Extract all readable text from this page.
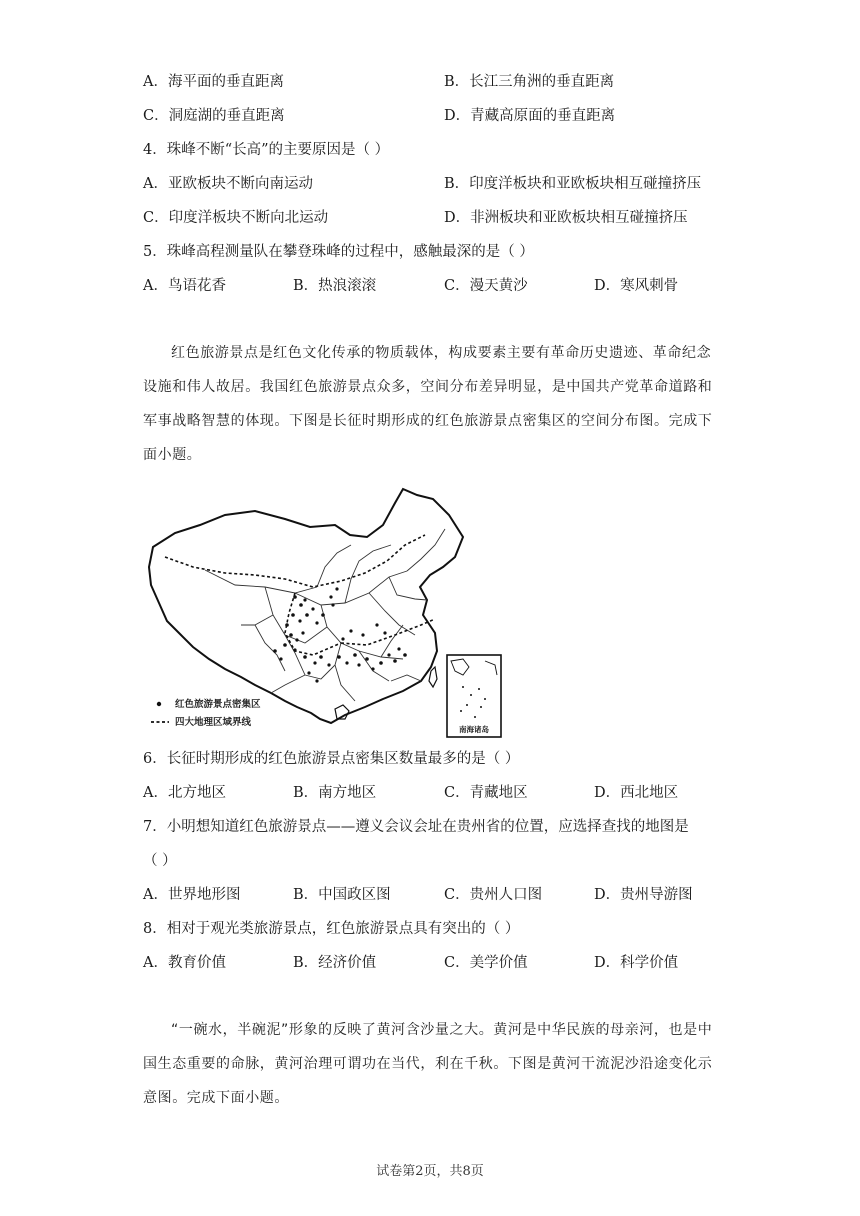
A．海平面的垂直距离	B．长江三角洲的垂直距离
C．洞庭湖的垂直距离	D．青藏高原面的垂直距离
4．珠峰不断“长高”的主要原因是（ ）
A．亚欧板块不断向南运动	B．印度洋板块和亚欧板块相互碰撞挤压
C．印度洋板块不断向北运动	D．非洲板块和亚欧板块相互碰撞挤压
5．珠峰高程测量队在攀登珠峰的过程中，感触最深的是（ ）
A．鸟语花香	B．热浪滚滚	C．漫天黄沙	D．寒风刺骨
红色旅游景点是红色文化传承的物质载体，构成要素主要有革命历史遗迹、革命纪念设施和伟人故居。我国红色旅游景点众多，空间分布差异明显，是中国共产党革命道路和军事战略智慧的体现。下图是长征时期形成的红色旅游景点密集区的空间分布图。完成下面小题。
南海诸岛
红色旅游景点密集区
四大地理区域界线
6．长征时期形成的红色旅游景点密集区数量最多的是（ ）
A．北方地区	B．南方地区	C．青藏地区	D．西北地区
7．小明想知道红色旅游景点——遵义会议会址在贵州省的位置，应选择查找的地图是
（ ）
A．世界地形图	B．中国政区图	C．贵州人口图	D．贵州导游图
8．相对于观光类旅游景点，红色旅游景点具有突出的（ ）
A．教育价值	B．经济价值	C．美学价值	D．科学价值
“一碗水，半碗泥”形象的反映了黄河含沙量之大。黄河是中华民族的母亲河，也是中国生态重要的命脉，黄河治理可谓功在当代，利在千秋。下图是黄河干流泥沙沿途变化示意图。完成下面小题。
试卷第2页，共8页
